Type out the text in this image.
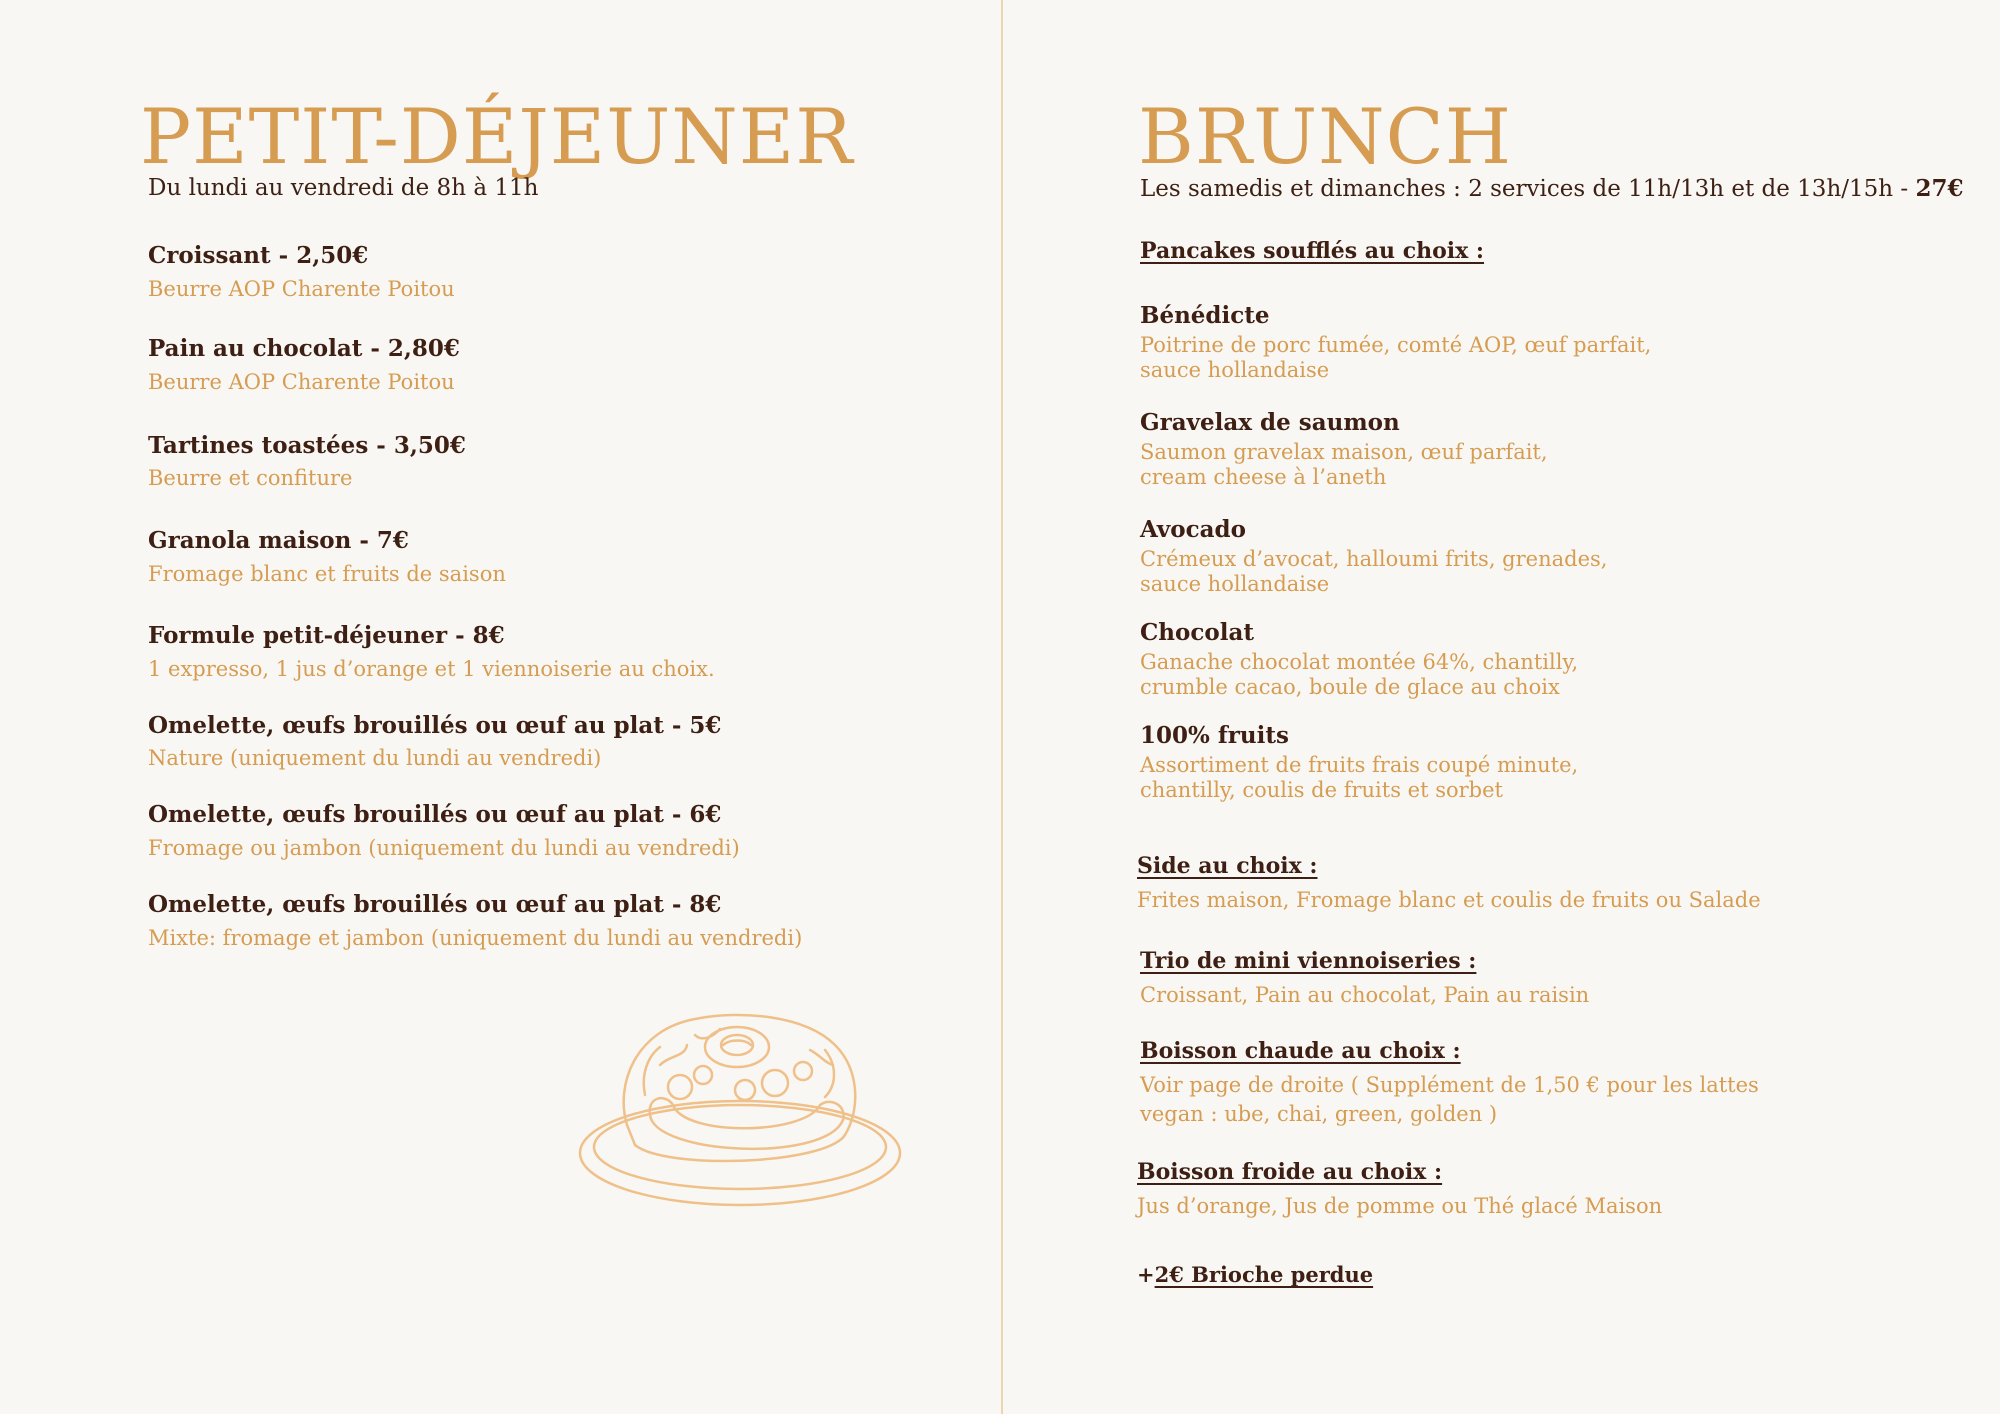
PETIT-DÉJEUNER
Du lundi au vendredi de 8h à 11h
Croissant - 2,50€
Beurre AOP Charente Poitou
Pain au chocolat - 2,80€
Beurre AOP Charente Poitou
Tartines toastées - 3,50€
Beurre et confiture
Granola maison - 7€
Fromage blanc et fruits de saison
Formule petit-déjeuner - 8€
1 expresso, 1 jus d’orange et 1 viennoiserie au choix.
Omelette, œufs brouillés ou œuf au plat - 5€
Nature (uniquement du lundi au vendredi)
Omelette, œufs brouillés ou œuf au plat - 6€
Fromage ou jambon (uniquement du lundi au vendredi)
Omelette, œufs brouillés ou œuf au plat - 8€
Mixte: fromage et jambon (uniquement du lundi au vendredi)
BRUNCH
Les samedis et dimanches : 2 services de 11h/13h et de 13h/15h - 27€
Pancakes soufflés au choix :
Bénédicte
Poitrine de porc fumée, comté AOP, œuf parfait,
sauce hollandaise
Gravelax de saumon
Saumon gravelax maison, œuf parfait,
cream cheese à l’aneth
Avocado
Crémeux d’avocat, halloumi frits, grenades,
sauce hollandaise
Chocolat
Ganache chocolat montée 64%, chantilly,
crumble cacao, boule de glace au choix
100% fruits
Assortiment de fruits frais coupé minute,
chantilly, coulis de fruits et sorbet
Side au choix :
Frites maison, Fromage blanc et coulis de fruits ou Salade
Trio de mini viennoiseries :
Croissant, Pain au chocolat, Pain au raisin
Boisson chaude au choix :
Voir page de droite ( Supplément de 1,50 € pour les lattes
vegan : ube, chai, green, golden )
Boisson froide au choix :
Jus d’orange, Jus de pomme ou Thé glacé Maison
+2€ Brioche perdue
